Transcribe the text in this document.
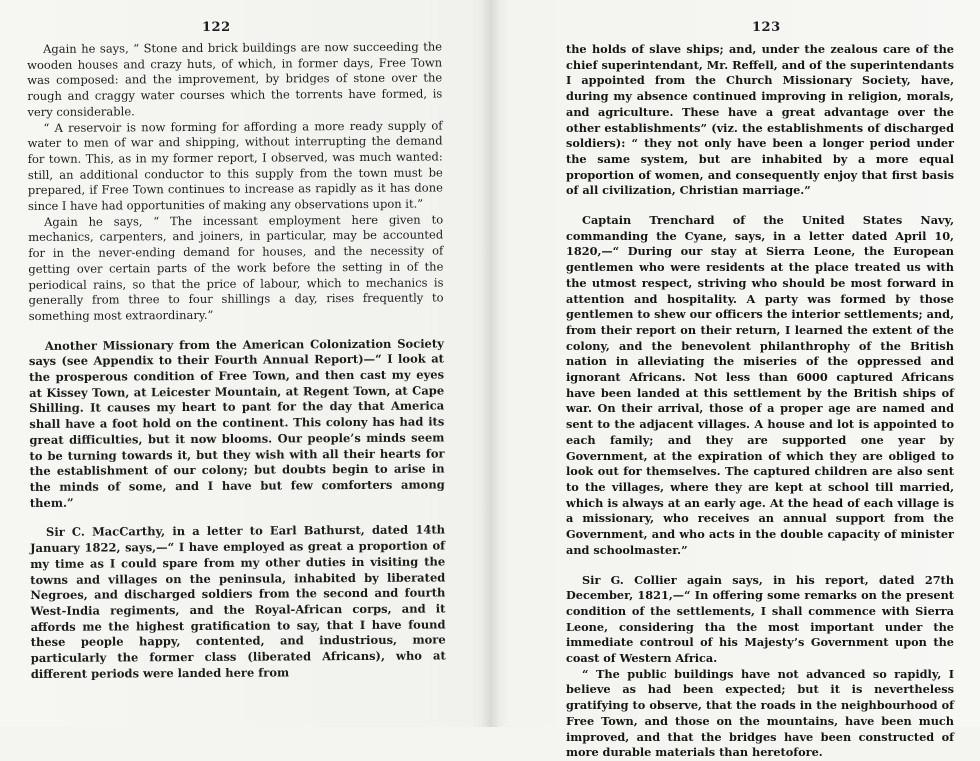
122	123

Again he says, “ Stone and brick buildings are now succeeding the wooden houses and crazy huts, of which, in former days, Free Town was composed: and the improvement, by bridges of stone over the rough and craggy water courses which the torrents have formed, is very considerable.

“ A reservoir is now forming for affording a more ready supply of water to men of war and shipping, without interrupting the demand for town. This, as in my former report, I observed, was much wanted: still, an additional conductor to this supply from the town must be prepared, if Free Town continues to increase as rapidly as it has done since I have had opportunities of making any observations upon it.”

Again he says, “ The incessant employment here given to mechanics, carpenters, and joiners, in particular, may be accounted for in the never-ending demand for houses, and the necessity of getting over certain parts of the work before the setting in of the periodical rains, so that the price of labour, which to mechanics is generally from three to four shillings a day, rises frequently to something most extraordinary.”

Another Missionary from the American Colonization Society says (see Appendix to their Fourth Annual Report)—“ I look at the prosperous condition of Free Town, and then cast my eyes at Kissey Town, at Leicester Mountain, at Regent Town, at Cape Shilling. It causes my heart to pant for the day that America shall have a foot hold on the continent. This colony has had its great difficulties, but it now blooms. Our people’s minds seem to be turning towards it, but they wish with all their hearts for the establishment of our colony; but doubts begin to arise in the minds of some, and I have but few comforters among them.”

Sir C. MacCarthy, in a letter to Earl Bathurst, dated 14th January 1822, says,—“ I have employed as great a proportion of my time as I could spare from my other duties in visiting the towns and villages on the peninsula, inhabited by liberated Negroes, and discharged soldiers from the second and fourth West-India regiments, and the Royal-African corps, and it affords me the highest gratification to say, that I have found these people happy, contented, and industrious, more particularly the former class (liberated Africans), who at different periods were landed here from

the holds of slave ships; and, under the zealous care of the chief superintendant, Mr. Reffell, and of the superintendants I appointed from the Church Missionary Society, have, during my absence continued improving in religion, morals, and agriculture. These have a great advantage over the other establishments” (viz. the establishments of discharged soldiers): “ they not only have been a longer period under the same system, but are inhabited by a more equal proportion of women, and consequently enjoy that first basis of all civilization, Christian marriage.”

Captain Trenchard of the United States Navy, commanding the Cyane, says, in a letter dated April 10, 1820,—“ During our stay at Sierra Leone, the European gentlemen who were residents at the place treated us with the utmost respect, striving who should be most forward in attention and hospitality. A party was formed by those gentlemen to shew our officers the interior settlements; and, from their report on their return, I learned the extent of the colony, and the benevolent philanthrophy of the British nation in alleviating the miseries of the oppressed and ignorant Africans. Not less than 6000 captured Africans have been landed at this settlement by the British ships of war. On their arrival, those of a proper age are named and sent to the adjacent villages. A house and lot is appointed to each family; and they are supported one year by Government, at the expiration of which they are obliged to look out for themselves. The captured children are also sent to the villages, where they are kept at school till married, which is always at an early age. At the head of each village is a missionary, who receives an annual support from the Government, and who acts in the double capacity of minister and schoolmaster.”

Sir G. Collier again says, in his report, dated 27th December, 1821,—“ In offering some remarks on the present condition of the settlements, I shall commence with Sierra Leone, considering tha the most important under the immediate controul of his Majesty’s Government upon the coast of Western Africa.

“ The public buildings have not advanced so rapidly, I believe as had been expected; but it is nevertheless gratifying to observe, that the roads in the neighbourhood of Free Town, and those on the mountains, have been much improved, and that the bridges have been constructed of more durable materials than heretofore.
